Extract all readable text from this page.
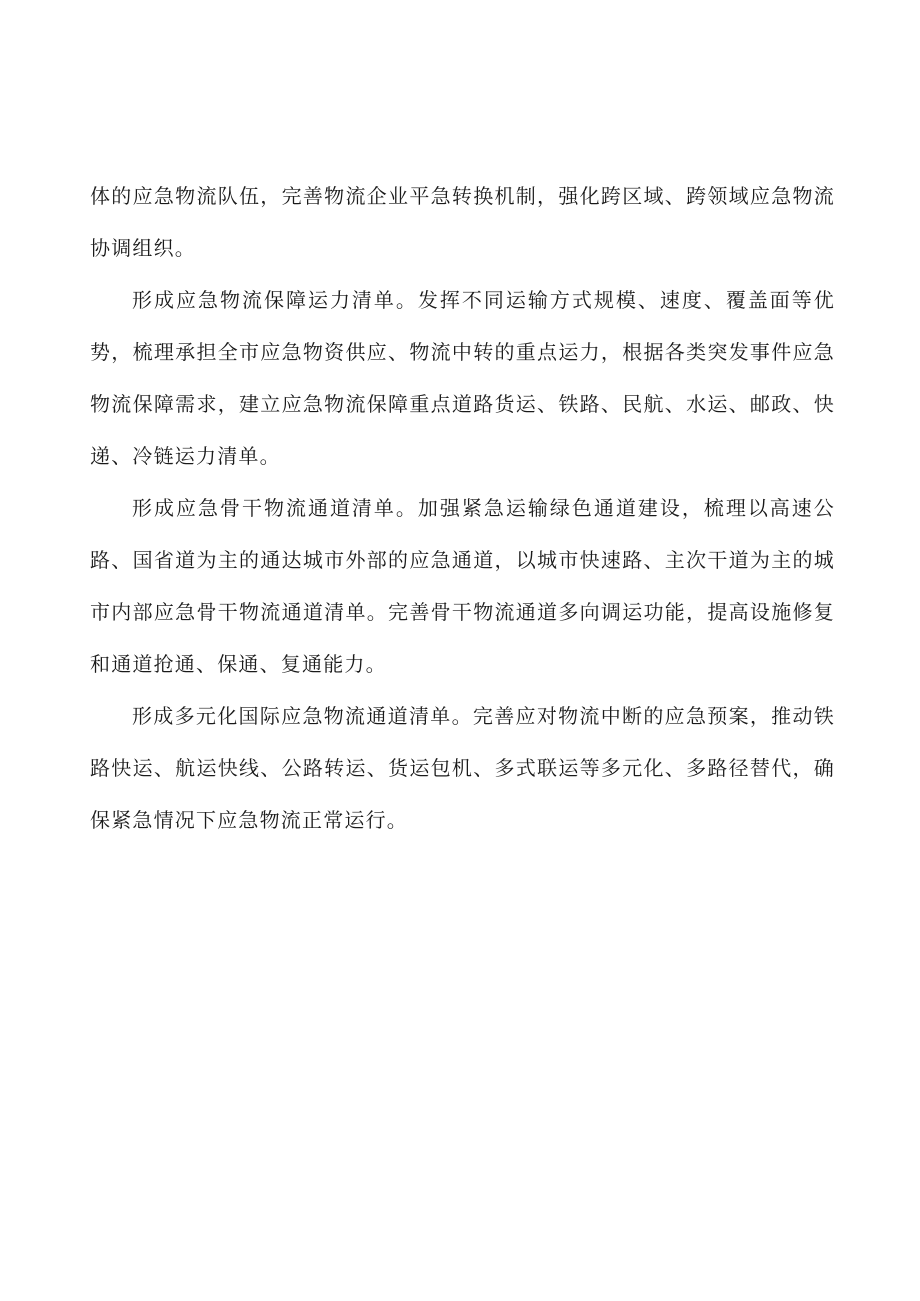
体的应急物流队伍，完善物流企业平急转换机制，强化跨区域、跨领域应急物流协调组织。

形成应急物流保障运力清单。发挥不同运输方式规模、速度、覆盖面等优势，梳理承担全市应急物资供应、物流中转的重点运力，根据各类突发事件应急物流保障需求，建立应急物流保障重点道路货运、铁路、民航、水运、邮政、快递、冷链运力清单。

形成应急骨干物流通道清单。加强紧急运输绿色通道建设，梳理以高速公路、国省道为主的通达城市外部的应急通道，以城市快速路、主次干道为主的城市内部应急骨干物流通道清单。完善骨干物流通道多向调运功能，提高设施修复和通道抢通、保通、复通能力。

形成多元化国际应急物流通道清单。完善应对物流中断的应急预案，推动铁路快运、航运快线、公路转运、货运包机、多式联运等多元化、多路径替代，确保紧急情况下应急物流正常运行。
